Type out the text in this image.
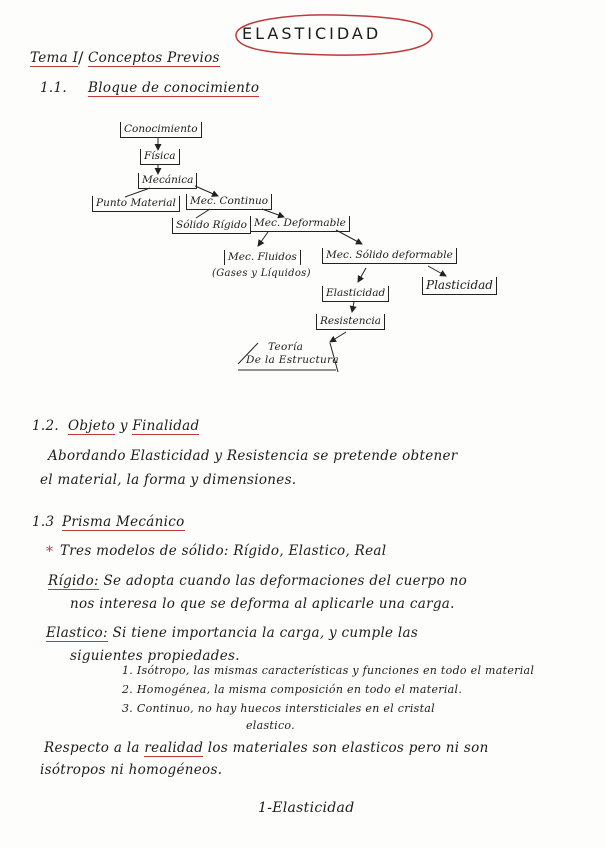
ELASTICIDAD
Tema I / Conceptos Previos
1.1. Bloque de conocimiento
Conocimiento
Física
Mecánica
Punto Material	Mec. Continuo
Sólido Rígido Mec. Deformable
Mec. Fluidos
(Gases y Líquidos)
Mec. Sólido deformable
Elasticidad
Plasticidad
Resistencia
Teoría
De la Estructura
1.2. Objeto y Finalidad
Abordando Elasticidad y Resistencia se pretende obtener
el material, la forma y dimensiones.
1.3 Prisma Mecánico
* Tres modelos de sólido: Rígido, Elastico, Real
Rígido: Se adopta cuando las deformaciones del cuerpo no
nos interesa lo que se deforma al aplicarle una carga.
Elastico: Si tiene importancia la carga, y cumple las
siguientes propiedades.
1. Isótropo, las mismas características y funciones en todo el material
2. Homogénea, la misma composición en todo el material.
3. Continuo, no hay huecos intersticiales en el cristal
elastico.
Respecto a la realidad los materiales son elasticos pero ni son
isótropos ni homogéneos.
1-Elasticidad
